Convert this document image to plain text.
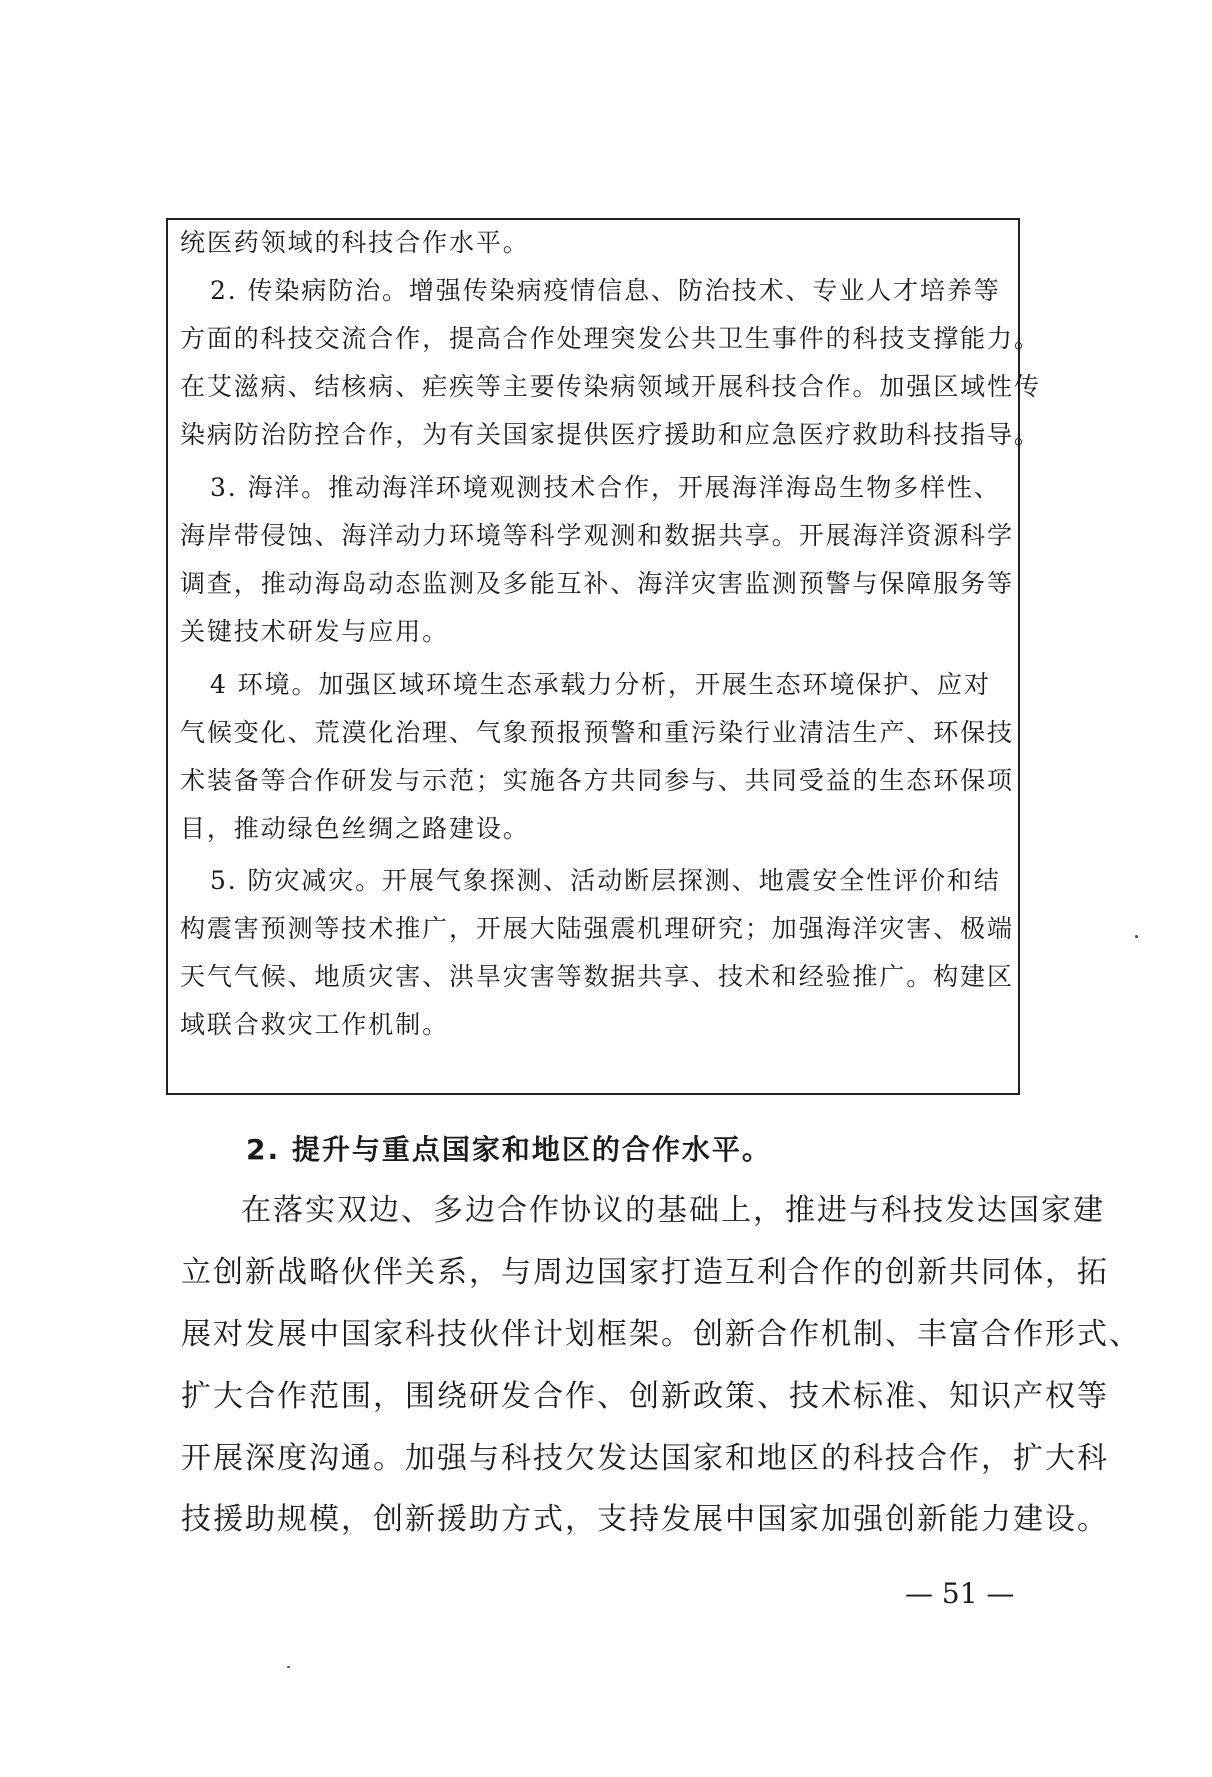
统医药领域的科技合作水平。
2. 传染病防治。增强传染病疫情信息、防治技术、专业人才培养等
方面的科技交流合作，提高合作处理突发公共卫生事件的科技支撑能力。
在艾滋病、结核病、疟疾等主要传染病领域开展科技合作。加强区域性传
染病防治防控合作，为有关国家提供医疗援助和应急医疗救助科技指导。
3. 海洋。推动海洋环境观测技术合作，开展海洋海岛生物多样性、
海岸带侵蚀、海洋动力环境等科学观测和数据共享。开展海洋资源科学
调查，推动海岛动态监测及多能互补、海洋灾害监测预警与保障服务等
关键技术研发与应用。
4 环境。加强区域环境生态承载力分析，开展生态环境保护、应对
气候变化、荒漠化治理、气象预报预警和重污染行业清洁生产、环保技
术装备等合作研发与示范；实施各方共同参与、共同受益的生态环保项
目，推动绿色丝绸之路建设。
5. 防灾减灾。开展气象探测、活动断层探测、地震安全性评价和结
构震害预测等技术推广，开展大陆强震机理研究；加强海洋灾害、极端
天气气候、地质灾害、洪旱灾害等数据共享、技术和经验推广。构建区
域联合救灾工作机制。
2. 提升与重点国家和地区的合作水平。
在落实双边、多边合作协议的基础上，推进与科技发达国家建
立创新战略伙伴关系，与周边国家打造互利合作的创新共同体，拓
展对发展中国家科技伙伴计划框架。创新合作机制、丰富合作形式、
扩大合作范围，围绕研发合作、创新政策、技术标准、知识产权等
开展深度沟通。加强与科技欠发达国家和地区的科技合作，扩大科
技援助规模，创新援助方式，支持发展中国家加强创新能力建设。
— 51 —
